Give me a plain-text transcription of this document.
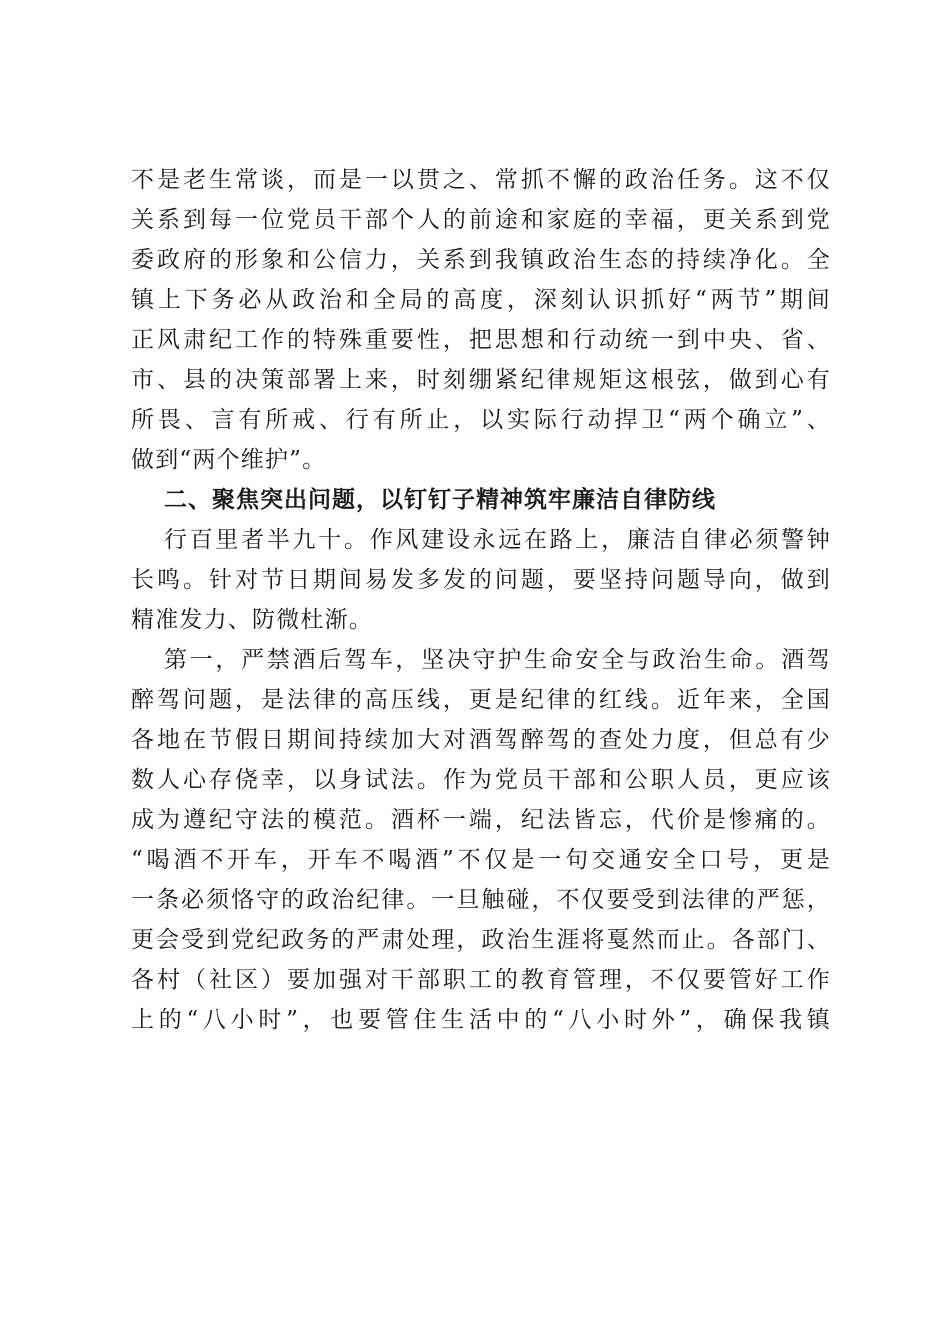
不是老生常谈，而是一以贯之、常抓不懈的政治任务。这不仅
关系到每一位党员干部个人的前途和家庭的幸福，更关系到党
委政府的形象和公信力，关系到我镇政治生态的持续净化。全
镇上下务必从政治和全局的高度，深刻认识抓好“两节”期间
正风肃纪工作的特殊重要性，把思想和行动统一到中央、省、
市、县的决策部署上来，时刻绷紧纪律规矩这根弦，做到心有
所畏、言有所戒、行有所止，以实际行动捍卫“两个确立”、
做到“两个维护”。
二、聚焦突出问题，以钉钉子精神筑牢廉洁自律防线
行百里者半九十。作风建设永远在路上，廉洁自律必须警钟
长鸣。针对节日期间易发多发的问题，要坚持问题导向，做到
精准发力、防微杜渐。
第一，严禁酒后驾车，坚决守护生命安全与政治生命。酒驾
醉驾问题，是法律的高压线，更是纪律的红线。近年来，全国
各地在节假日期间持续加大对酒驾醉驾的查处力度，但总有少
数人心存侥幸，以身试法。作为党员干部和公职人员，更应该
成为遵纪守法的模范。酒杯一端，纪法皆忘，代价是惨痛的。
“喝酒不开车，开车不喝酒”不仅是一句交通安全口号，更是
一条必须恪守的政治纪律。一旦触碰，不仅要受到法律的严惩，
更会受到党纪政务的严肃处理，政治生涯将戛然而止。各部门、
各村（社区）要加强对干部职工的教育管理，不仅要管好工作
上的“八小时”，也要管住生活中的“八小时外”，确保我镇
